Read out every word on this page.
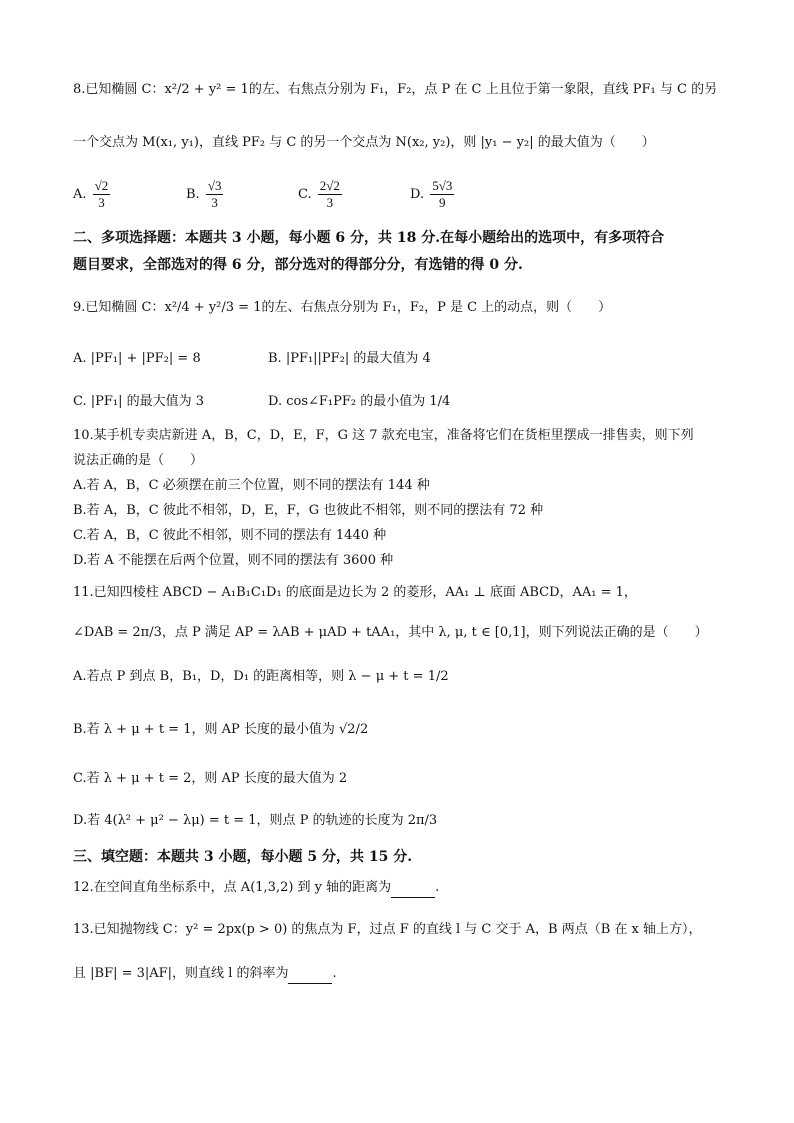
8.已知椭圆 C：x²/2 + y² = 1的左、右焦点分别为 F₁，F₂，点 P 在 C 上且位于第一象限，直线 PF₁ 与 C 的另
一个交点为 M(x₁, y₁)，直线 PF₂ 与 C 的另一个交点为 N(x₂, y₂)，则 |y₁ − y₂| 的最大值为（　　）
A. $\frac{√2}{3}$	B. $\frac{√3}{3}$	C. $\frac{2√2}{3}$	D. $\frac{5√3}{9}$
二、多项选择题：本题共 3 小题，每小题 6 分，共 18 分.在每小题给出的选项中，有多项符合
题目要求，全部选对的得 6 分，部分选对的得部分分，有选错的得 0 分.
9.已知椭圆 C：x²/4 + y²/3 = 1的左、右焦点分别为 F₁，F₂，P 是 C 上的动点，则（　　）
A. |PF₁| + |PF₂| = 8	B. |PF₁||PF₂| 的最大值为 4
C. |PF₁| 的最大值为 3	D. cos∠F₁PF₂ 的最小值为 1/4
10.某手机专卖店新进 A，B，C，D，E，F，G 这 7 款充电宝，准备将它们在货柜里摆成一排售卖，则下列
说法正确的是（　　）
A.若 A，B，C 必须摆在前三个位置，则不同的摆法有 144 种
B.若 A，B，C 彼此不相邻，D，E，F，G 也彼此不相邻，则不同的摆法有 72 种
C.若 A，B，C 彼此不相邻，则不同的摆法有 1440 种
D.若 A 不能摆在后两个位置，则不同的摆法有 3600 种
11.已知四棱柱 ABCD − A₁B₁C₁D₁ 的底面是边长为 2 的菱形，AA₁ ⊥ 底面 ABCD，AA₁ = 1，
∠DAB = 2π/3，点 P 满足 AP = λAB + μAD + tAA₁，其中 λ, μ, t ∈ [0,1]，则下列说法正确的是（　　）
A.若点 P 到点 B，B₁，D，D₁ 的距离相等，则 λ − μ + t = 1/2
B.若 λ + μ + t = 1，则 AP 长度的最小值为 √2/2
C.若 λ + μ + t = 2，则 AP 长度的最大值为 2
D.若 4(λ² + μ² − λμ) = t = 1，则点 P 的轨迹的长度为 2π/3
三、填空题：本题共 3 小题，每小题 5 分，共 15 分.
12.在空间直角坐标系中，点 A(1,3,2) 到 y 轴的距离为	.
13.已知抛物线 C：y² = 2px(p > 0) 的焦点为 F，过点 F 的直线 l 与 C 交于 A，B 两点（B 在 x 轴上方），
且 |BF| = 3|AF|，则直线 l 的斜率为	.
